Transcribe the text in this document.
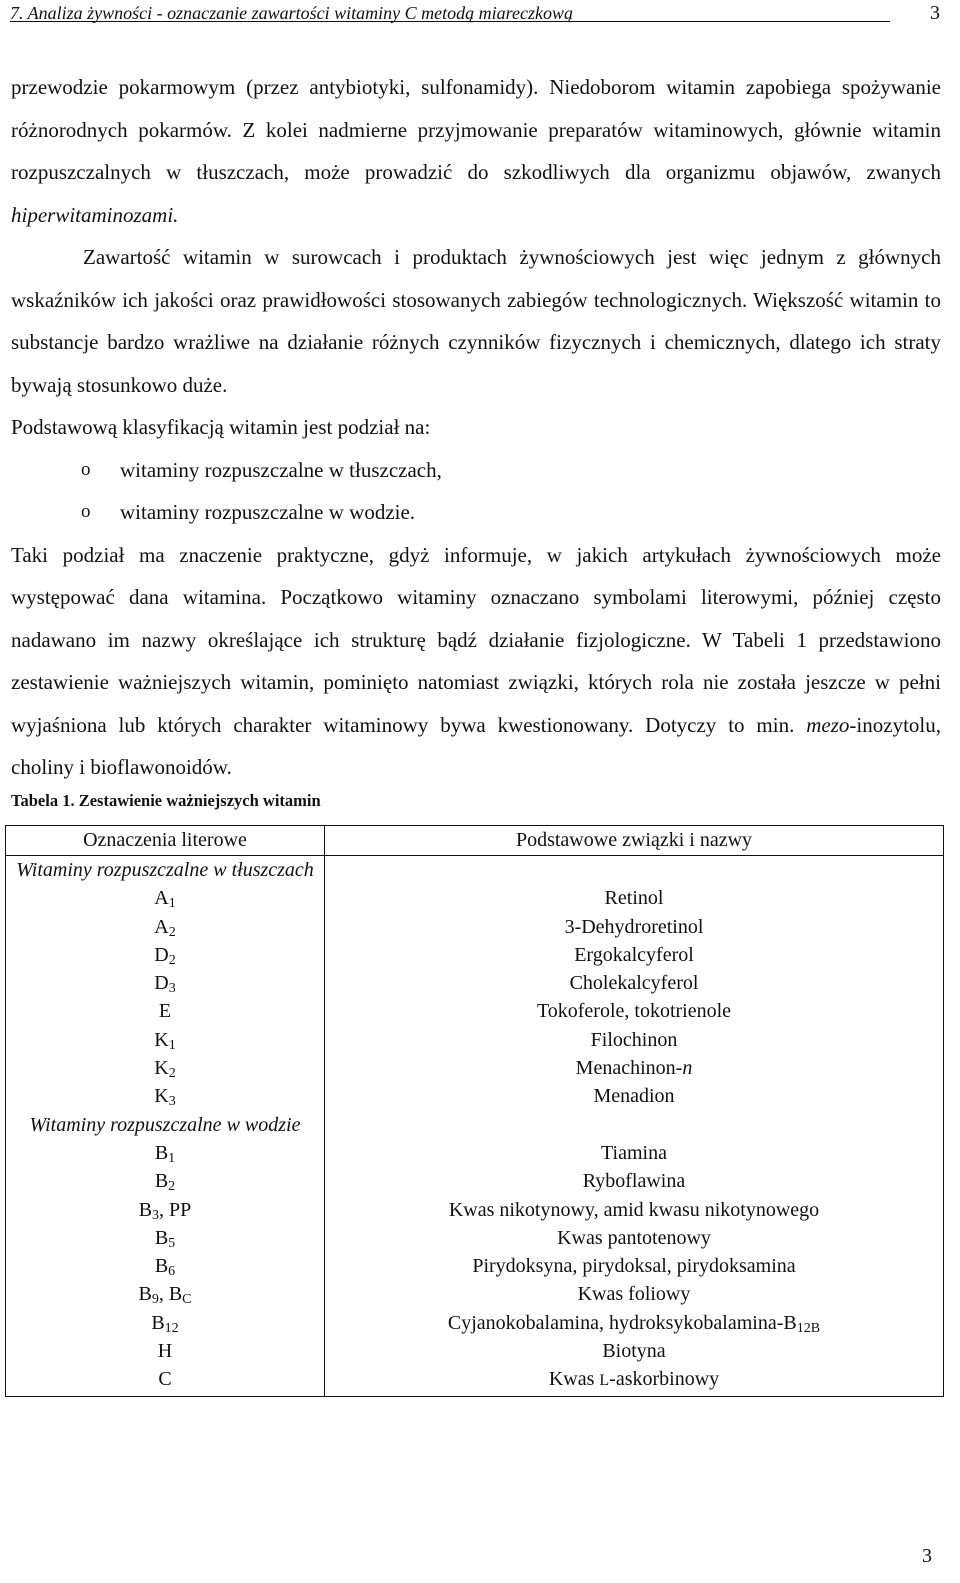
7. Analiza żywności - oznaczanie zawartości witaminy C metodą miareczkową	3

przewodzie pokarmowym (przez antybiotyki, sulfonamidy). Niedoborom witamin zapobiega spożywanie różnorodnych pokarmów. Z kolei nadmierne przyjmowanie preparatów witaminowych, głównie witamin rozpuszczalnych w tłuszczach, może prowadzić do szkodliwych dla organizmu objawów, zwanych hiperwitaminozami.

Zawartość witamin w surowcach i produktach żywnościowych jest więc jednym z głównych wskaźników ich jakości oraz prawidłowości stosowanych zabiegów technologicznych. Większość witamin to substancje bardzo wrażliwe na działanie różnych czynników fizycznych i chemicznych, dlatego ich straty bywają stosunkowo duże.

Podstawową klasyfikacją witamin jest podział na:

o witaminy rozpuszczalne w tłuszczach,
o witaminy rozpuszczalne w wodzie.

Taki podział ma znaczenie praktyczne, gdyż informuje, w jakich artykułach żywnościowych może występować dana witamina. Początkowo witaminy oznaczano symbolami literowymi, później często nadawano im nazwy określające ich strukturę bądź działanie fizjologiczne. W Tabeli 1 przedstawiono zestawienie ważniejszych witamin, pominięto natomiast związki, których rola nie została jeszcze w pełni wyjaśniona lub których charakter witaminowy bywa kwestionowany. Dotyczy to min. mezo-inozytolu, choliny i bioflawonoidów.

Tabela 1. Zestawienie ważniejszych witamin
Oznaczenia literowe	Podstawowe związki i nazwy
Witaminy rozpuszczalne w tłuszczach	
$A_1$	Retinol
$A_2$	3-Dehydroretinol
$D_2$	Ergokalcyferol
$D_3$	Cholekalcyferol
E	Tokoferole, tokotrienole
$K_1$	Filochinon
$K_2$	Menachinon-n
$K_3$	Menadion
Witaminy rozpuszczalne w wodzie	
$B_1$	Tiamina
$B_2$	Ryboflawina
$B_3$, PP	Kwas nikotynowy, amid kwasu nikotynowego
$B_5$	Kwas pantotenowy
$B_6$	Pirydoksyna, pirydoksal, pirydoksamina
$B_9$, $B_C$	Kwas foliowy
$B_{12}$	Cyjanokobalamina, hydroksykobalamina-$B_{12B}$
H	Biotyna
C	Kwas L-askorbinowy
3
